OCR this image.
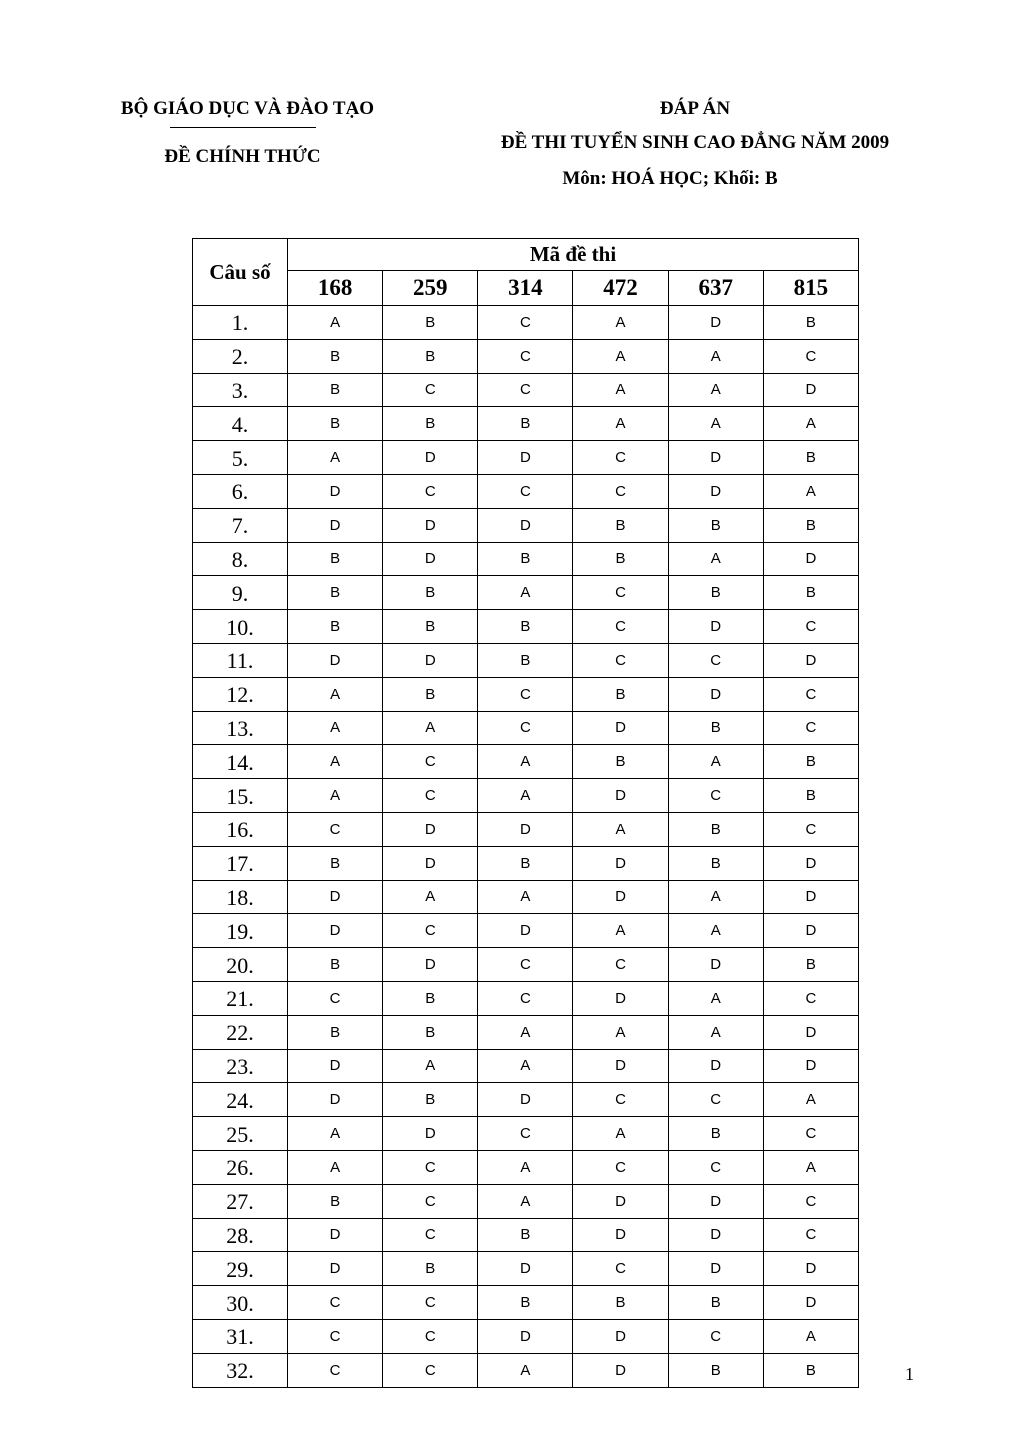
BỘ GIÁO DỤC VÀ ĐÀO TẠO
ĐỀ CHÍNH THỨC
ĐÁP ÁN
ĐỀ THI TUYỂN SINH CAO ĐẲNG NĂM 2009
Môn: HOÁ HỌC; Khối: B
Câu số	Mã đề thi					
	168	259	314	472	637	815
1.	A	B	C	A	D	B
2.	B	B	C	A	A	C
3.	B	C	C	A	A	D
4.	B	B	B	A	A	A
5.	A	D	D	C	D	B
6.	D	C	C	C	D	A
7.	D	D	D	B	B	B
8.	B	D	B	B	A	D
9.	B	B	A	C	B	B
10.	B	B	B	C	D	C
11.	D	D	B	C	C	D
12.	A	B	C	B	D	C
13.	A	A	C	D	B	C
14.	A	C	A	B	A	B
15.	A	C	A	D	C	B
16.	C	D	D	A	B	C
17.	B	D	B	D	B	D
18.	D	A	A	D	A	D
19.	D	C	D	A	A	D
20.	B	D	C	C	D	B
21.	C	B	C	D	A	C
22.	B	B	A	A	A	D
23.	D	A	A	D	D	D
24.	D	B	D	C	C	A
25.	A	D	C	A	B	C
26.	A	C	A	C	C	A
27.	B	C	A	D	D	C
28.	D	C	B	D	D	C
29.	D	B	D	C	D	D
30.	C	C	B	B	B	D
31.	C	C	D	D	C	A
32.	C	C	A	D	B	B	1
